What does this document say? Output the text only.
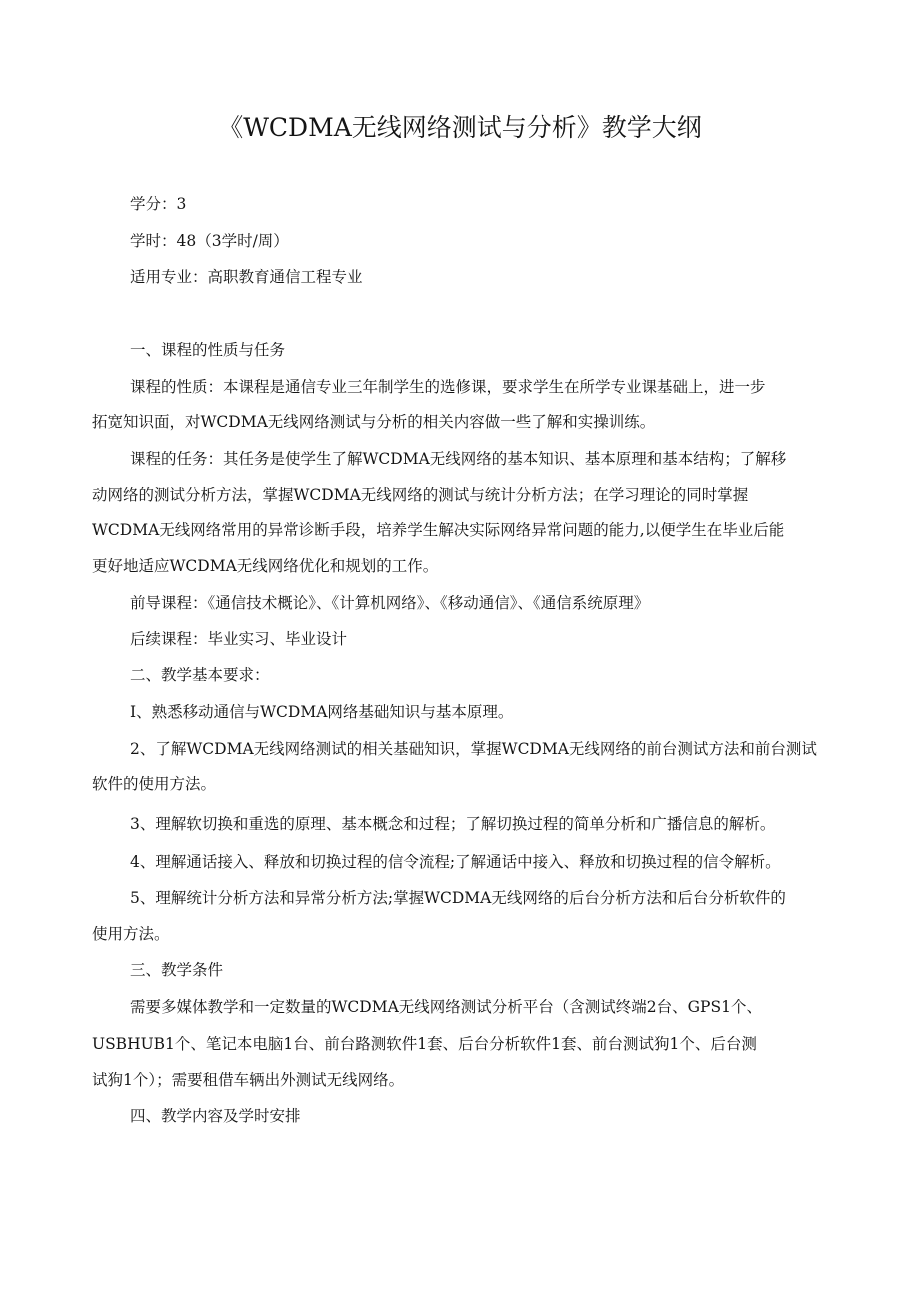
《WCDMA无线网络测试与分析》教学大纲
学分：3
学时：48（3学时/周）
适用专业：高职教育通信工程专业
一、课程的性质与任务
课程的性质：本课程是通信专业三年制学生的选修课，要求学生在所学专业课基础上，进一步
拓宽知识面，对WCDMA无线网络测试与分析的相关内容做一些了解和实操训练。
课程的任务：其任务是使学生了解WCDMA无线网络的基本知识、基本原理和基本结构；了解移
动网络的测试分析方法，掌握WCDMA无线网络的测试与统计分析方法；在学习理论的同时掌握
WCDMA无线网络常用的异常诊断手段，培养学生解决实际网络异常问题的能力,以便学生在毕业后能
更好地适应WCDMA无线网络优化和规划的工作。
前导课程：《通信技术概论》、《计算机网络》、《移动通信》、《通信系统原理》
后续课程：毕业实习、毕业设计
二、教学基本要求：
I、熟悉移动通信与WCDMA网络基础知识与基本原理。
2、了解WCDMA无线网络测试的相关基础知识，掌握WCDMA无线网络的前台测试方法和前台测试
软件的使用方法。
3、理解软切换和重选的原理、基本概念和过程；了解切换过程的简单分析和广播信息的解析。
4、理解通话接入、释放和切换过程的信令流程;了解通话中接入、释放和切换过程的信令解析。
5、理解统计分析方法和异常分析方法;掌握WCDMA无线网络的后台分析方法和后台分析软件的
使用方法。
三、教学条件
需要多媒体教学和一定数量的WCDMA无线网络测试分析平台（含测试终端2台、GPS1个、
USBHUB1个、笔记本电脑1台、前台路测软件1套、后台分析软件1套、前台测试狗1个、后台测
试狗1个）；需要租借车辆出外测试无线网络。
四、教学内容及学时安排
